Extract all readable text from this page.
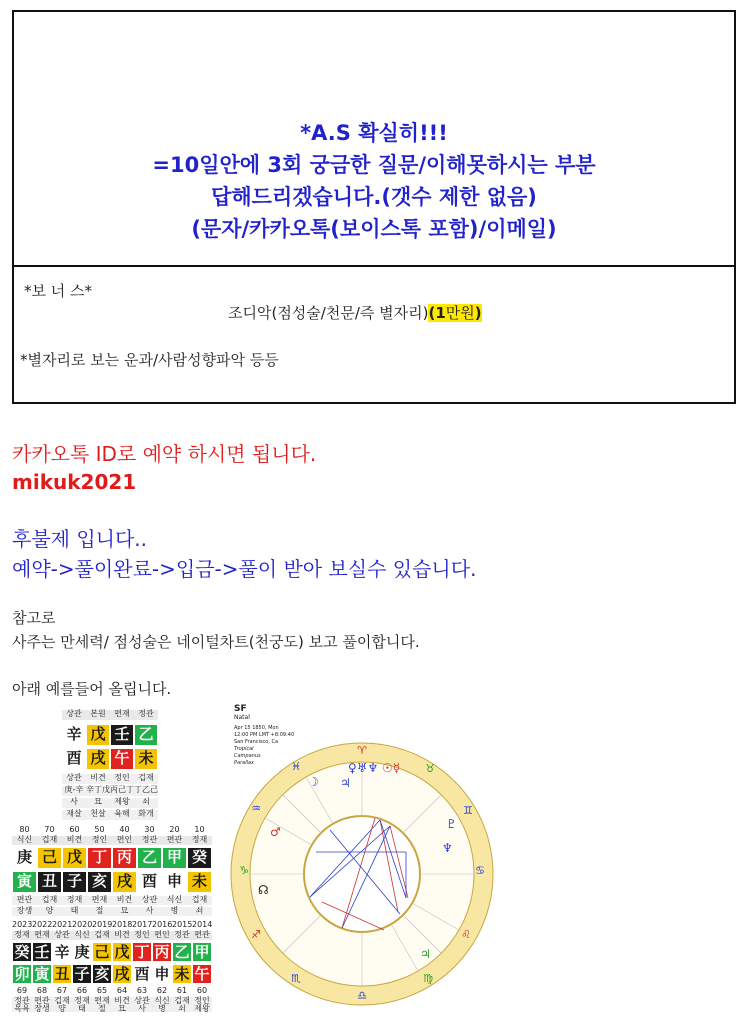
*A.S 확실히!!!
=10일안에 3회 궁금한 질문/이해못하시는 부분
답해드리겠습니다.(갯수 제한 없음)
(문자/카카오톡(보이스톡 포함)/이메일)
*보 너 스*
조디악(점성술/천문/즉 별자리)(1만원)
*별자리로 보는 운과/사람성향파악 등등
카카오톡 ID로 예약 하시면 됩니다.
mikuk2021
후불제 입니다..
예약->풀이완료->입금->풀이 받아 보실수 있습니다.
참고로
사주는 만세력/ 점성술은 네이털차트(천궁도) 보고 풀이합니다.
아래 예를들어 올립니다.
상관	본원	편재	정관
辛 戊 壬 乙
酉 戌 午 未
상관	비견	정인	겁재
庚-辛 辛丁戊 丙己丁 丁乙己
사	묘	제왕	쇠
재살	천살	육해	화개
80	70	60	50	40	30	20	10
식신	겁재	비견	정인	편인	정관	편관	정재
庚 己 戊 丁 丙 乙 甲 癸
寅 丑 子 亥 戌 酉 申 未
편관	겁재	정재	편재	비견	상관	식신	겁재
장생	양	태	절	묘	사	병	쇠
2023 2022 2021 2020 2019 2018 2017 2016 2015 2014
정재 편재 상관 식신 겁재 비견 정인 편인 정관 편관
癸 壬 辛 庚 己 戊 丁 丙 乙 甲
卯 寅 丑 子 亥 戌 酉 申 未 午
69	68	67	66	65	64	63	62	61	60
정관 편관 겁재 정재 편재 비견 상관 식신 겁재 정인
목욕 장생	양	태	절	묘	사	병	쇠	제왕
SF
Natal
Apr 15 1850, Mon
12:00 PM LMT +8:09:40
San Francisco, Ca
Tropical
Campanus
Parallax
♈
♉
♊
♋
♌
♍
♎
♏
♐
♑
♒
♓	♀♅♆ ☉☿
☽
♂
☊
♇
♆
♃
♃
